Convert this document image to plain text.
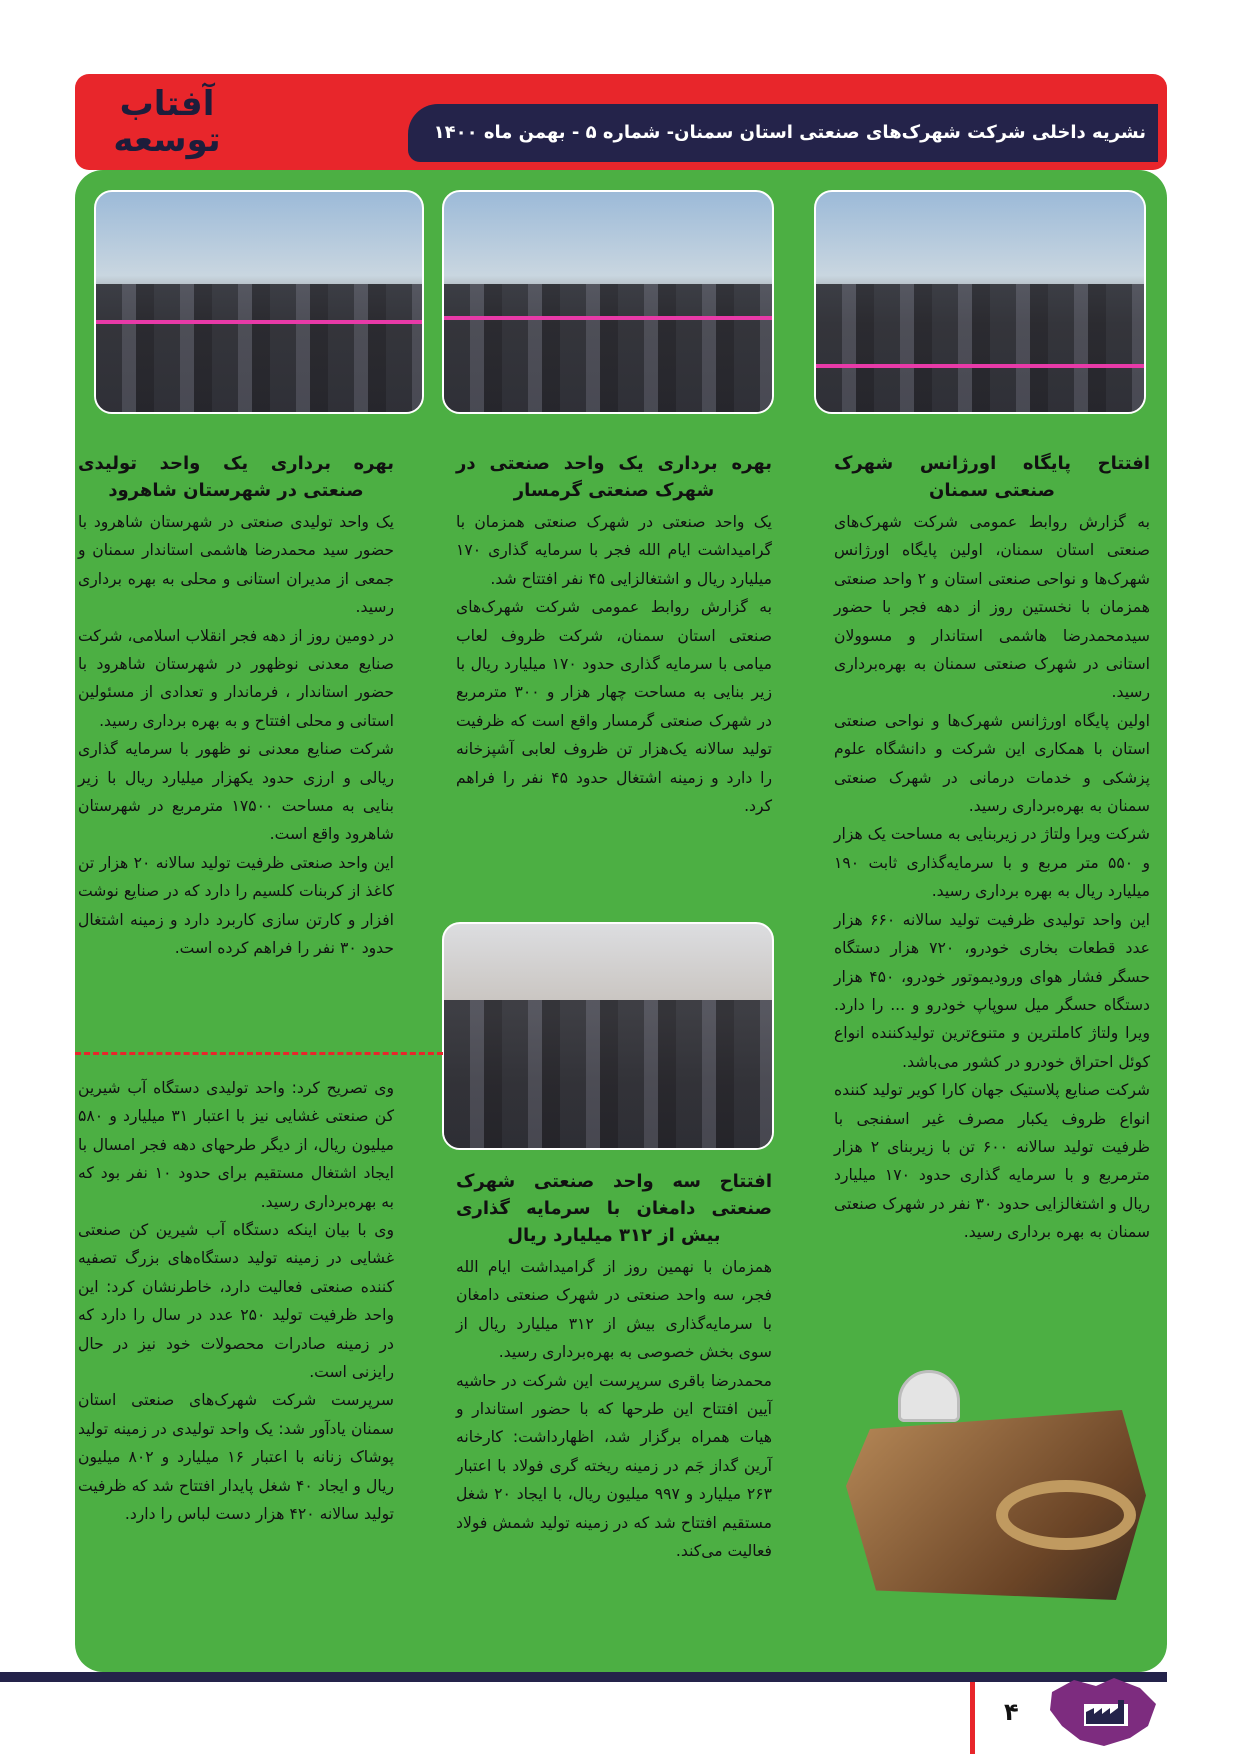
آفتاب
توسعه	نشریه داخلی شرکت شهرک‌های صنعتی استان سمنان- شماره ۵ - بهمن ماه ۱۴۰۰
افتتاح پایگاه اورژانس شهرک صنعتی سمنان

به گزارش روابط عمومی شرکت شهرک‌های صنعتی استان سمنان، اولین پایگاه اورژانس شهرک‌ها و نواحی صنعتی استان و ۲ واحد صنعتی همزمان با نخستین روز از دهه فجر با حضور سیدمحمدرضا هاشمی استاندار و مسوولان استانی در شهرک صنعتی سمنان به بهره‌برداری رسید.

اولین پایگاه اورژانس شهرک‌ها و نواحی صنعتی استان با همکاری این شرکت و دانشگاه علوم پزشکی و خدمات درمانی در شهرک صنعتی سمنان به بهره‌برداری رسید.

شرکت ویرا ولتاژ در زیربنایی به مساحت یک هزار و ۵۵۰ متر مربع و با سرمایه‌گذاری ثابت ۱۹۰ میلیارد ریال به بهره برداری رسید.

این واحد تولیدی ظرفیت تولید سالانه ۶۶۰ هزار عدد قطعات بخاری خودرو، ۷۲۰ هزار دستگاه حسگر فشار هوای ورودیموتور خودرو، ۴۵۰ هزار دستگاه حسگر میل سوپاپ خودرو و ... را دارد. ویرا ولتاژ کاملترین و متنوع‌ترین تولیدکننده انواع کوئل احتراق خودرو در کشور می‌باشد.

شرکت صنایع پلاستیک جهان کارا کویر تولید کننده انواع ظروف یکبار مصرف غیر اسفنجی با ظرفیت تولید سالانه ۶۰۰ تن با زیربنای ۲ هزار مترمربع و با سرمایه گذاری حدود ۱۷۰ میلیارد ریال و اشتغالزایی حدود ۳۰ نفر در شهرک صنعتی سمنان به بهره برداری رسید.

بهره برداری یک واحد صنعتی در شهرک صنعتی گرمسار

یک واحد صنعتی در شهرک صنعتی همزمان با گرامیداشت ایام الله فجر با سرمایه گذاری ۱۷۰ میلیارد ریال و اشتغالزایی ۴۵ نفر افتتاح شد.

به گزارش روابط عمومی شرکت شهرک‌های صنعتی استان سمنان، شرکت ظروف لعاب میامی با سرمایه گذاری حدود ۱۷۰ میلیارد ریال با زیر بنایی به مساحت چهار هزار و ۳۰۰ مترمربع در شهرک صنعتی گرمسار واقع است که ظرفیت تولید سالانه یک‌هزار تن ظروف لعابی آشپزخانه را دارد و زمینه اشتغال حدود ۴۵ نفر را فراهم کرد.

افتتاح سه واحد صنعتی شهرک صنعتی دامغان با سرمایه گذاری بیش از ۳۱۲ میلیارد ریال

همزمان با نهمین روز از گرامیداشت ایام الله فجر، سه واحد صنعتی در شهرک صنعتی دامغان با سرمایه‌گذاری بیش از ۳۱۲ میلیارد ریال از سوی بخش خصوصی به بهره‌برداری رسید.

محمدرضا باقری سرپرست این شرکت در حاشیه آیین افتتاح این طرحها که با حضور استاندار و هیات همراه برگزار شد، اظهارداشت: کارخانه آرین گداز جَم در زمینه ریخته گری فولاد با اعتبار ۲۶۳ میلیارد و ۹۹۷ میلیون ریال، با ایجاد ۲۰ شغل مستقیم افتتاح شد که در زمینه تولید شمش فولاد فعالیت می‌کند.

بهره برداری یک واحد تولیدی صنعتی در شهرستان شاهرود

یک واحد تولیدی صنعتی در شهرستان شاهرود با حضور سید محمدرضا هاشمی استاندار سمنان و جمعی از مدیران استانی و محلی به بهره برداری رسید.

در دومین روز از دهه فجر انقلاب اسلامی، شرکت صنایع معدنی نوظهور در شهرستان شاهرود با حضور استاندار ، فرماندار و تعدادی از مسئولین استانی و محلی افتتاح و به بهره برداری رسید.

شرکت صنایع معدنی نو ظهور با سرمایه گذاری ریالی و ارزی حدود یکهزار میلیارد ریال با زیر بنایی به مساحت ۱۷۵۰۰ مترمربع در شهرستان شاهرود واقع است.

این واحد صنعتی ظرفیت تولید سالانه ۲۰ هزار تن کاغذ از کربنات کلسیم را دارد که در صنایع نوشت افزار و کارتن سازی کاربرد دارد و زمینه اشتغال حدود ۳۰ نفر را فراهم کرده است.

وی تصریح کرد: واحد تولیدی دستگاه آب شیرین کن صنعتی غشایی نیز با اعتبار ۳۱ میلیارد و ۵۸۰ میلیون ریال، از دیگر طرحهای دهه فجر امسال با ایجاد اشتغال مستقیم برای حدود ۱۰ نفر بود که به بهره‌برداری رسید.

وی با بیان اینکه دستگاه آب شیرین کن صنعتی غشایی در زمینه تولید دستگاه‌های بزرگ تصفیه کننده صنعتی فعالیت دارد، خاطرنشان کرد: این واحد ظرفیت تولید ۲۵۰ عدد در سال را دارد که در زمینه صادرات محصولات خود نیز در حال رایزنی است.

سرپرست شرکت شهرک‌های صنعتی استان سمنان یادآور شد: یک واحد تولیدی در زمینه تولید پوشاک زنانه با اعتبار ۱۶ میلیارد و ۸۰۲ میلیون ریال و ایجاد ۴۰ شغل پایدار افتتاح شد که ظرفیت تولید سالانه ۴۲۰ هزار دست لباس را دارد.

۴
